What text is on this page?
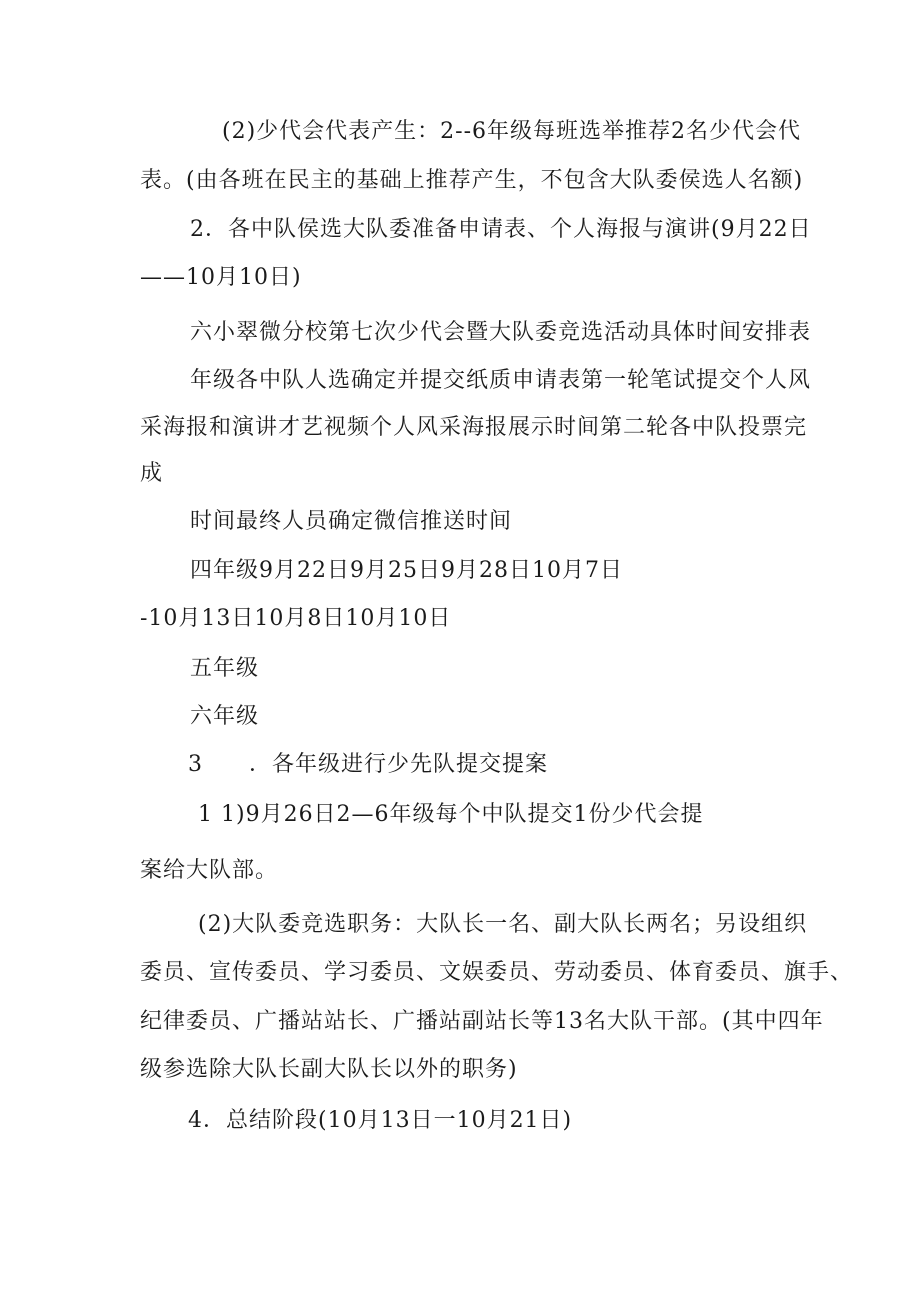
(2)少代会代表产生：2--6年级每班选举推荐2名少代会代
表。(由各班在民主的基础上推荐产生，不包含大队委侯选人名额)
2．各中队侯选大队委准备申请表、个人海报与演讲(9月22日
——10月10日)
六小翠微分校第七次少代会暨大队委竞选活动具体时间安排表
年级各中队人选确定并提交纸质申请表第一轮笔试提交个人风
采海报和演讲才艺视频个人风采海报展示时间第二轮各中队投票完
成
时间最终人员确定微信推送时间
四年级9月22日9月25日9月28日10月7日
-10月13日10月8日10月10日
五年级
六年级
3　　．各年级进行少先队提交提案
1 1)9月26日2—6年级每个中队提交1份少代会提
案给大队部。
(2)大队委竞选职务：大队长一名、副大队长两名；另设组织
委员、宣传委员、学习委员、文娱委员、劳动委员、体育委员、旗手、
纪律委员、广播站站长、广播站副站长等13名大队干部。(其中四年
级参选除大队长副大队长以外的职务)
4．总结阶段(10月13日一10月21日)
